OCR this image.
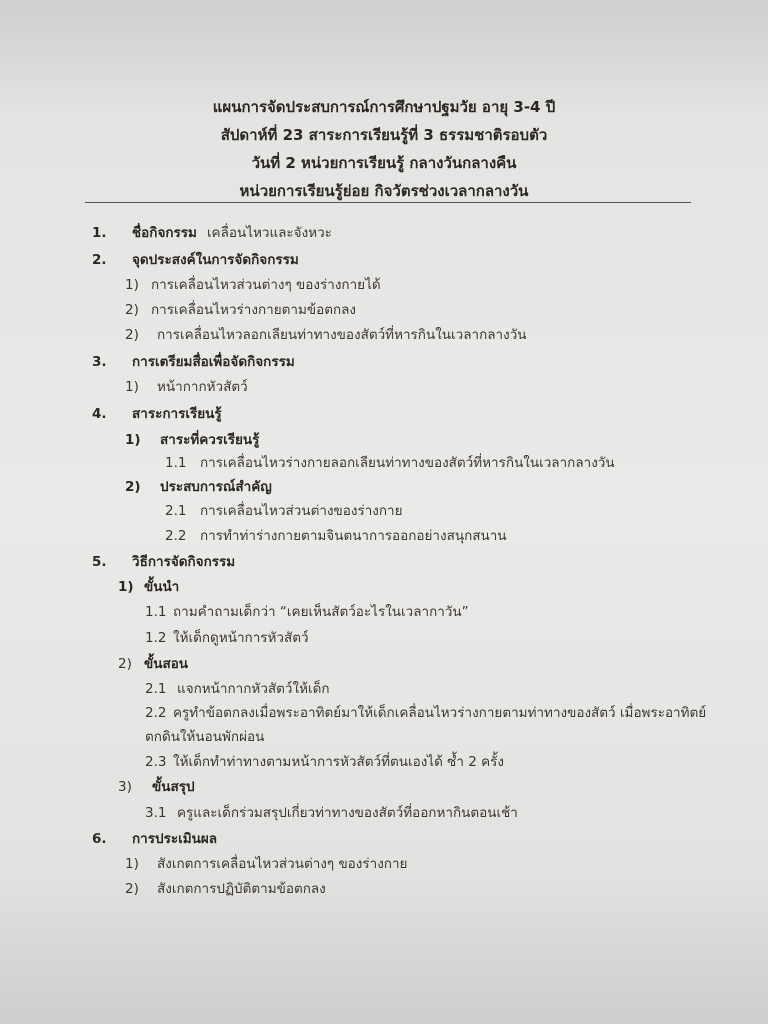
แผนการจัดประสบการณ์การศึกษาปฐมวัย อายุ 3-4 ปี
สัปดาห์ที่ 23 สาระการเรียนรู้ที่ 3 ธรรมชาติรอบตัว
วันที่ 2 หน่วยการเรียนรู้ กลางวันกลางคืน
หน่วยการเรียนรู้ย่อย กิจวัตรช่วงเวลากลางวัน
1. ชื่อกิจกรรม เคลื่อนไหวและจังหวะ
2. จุดประสงค์ในการจัดกิจกรรม
1) การเคลื่อนไหวส่วนต่างๆ ของร่างกายได้
2) การเคลื่อนไหวร่างกายตามข้อตกลง
2) การเคลื่อนไหวลอกเลียนท่าทางของสัตว์ที่หารกินในเวลากลางวัน
3. การเตรียมสื่อเพื่อจัดกิจกรรม
1) หน้ากากหัวสัตว์
4. สาระการเรียนรู้
1) สาระที่ควรเรียนรู้
1.1 การเคลื่อนไหวร่างกายลอกเลียนท่าทางของสัตว์ที่หารกินในเวลากลางวัน
2) ประสบการณ์สำคัญ
2.1 การเคลื่อนไหวส่วนต่างของร่างกาย
2.2 การทำท่าร่างกายตามจินตนาการออกอย่างสนุกสนาน
5. วิธีการจัดกิจกรรม
1) ขั้นนำ
1.1 ถามคำถามเด็กว่า “เคยเห็นสัตว์อะไรในเวลากาวัน”
1.2 ให้เด็กดูหน้าการหัวสัตว์
2) ขั้นสอน
2.1 แจกหน้ากากหัวสัตว์ให้เด็ก
2.2 ครูทำข้อตกลงเมื่อพระอาทิตย์มาให้เด็กเคลื่อนไหวร่างกายตามท่าทางของสัตว์ เมื่อพระอาทิตย์
ตกดินให้นอนพักผ่อน
2.3 ให้เด็กทำท่าทางตามหน้าการหัวสัตว์ที่ตนเองได้ ซ้ำ 2 ครั้ง
3) ขั้นสรุป
3.1 ครูและเด็กร่วมสรุปเกี่ยวท่าทางของสัตว์ที่ออกหากินตอนเช้า
6. การประเมินผล
1) สังเกตการเคลื่อนไหวส่วนต่างๆ ของร่างกาย
2) สังเกตการปฏิบัติตามข้อตกลง
